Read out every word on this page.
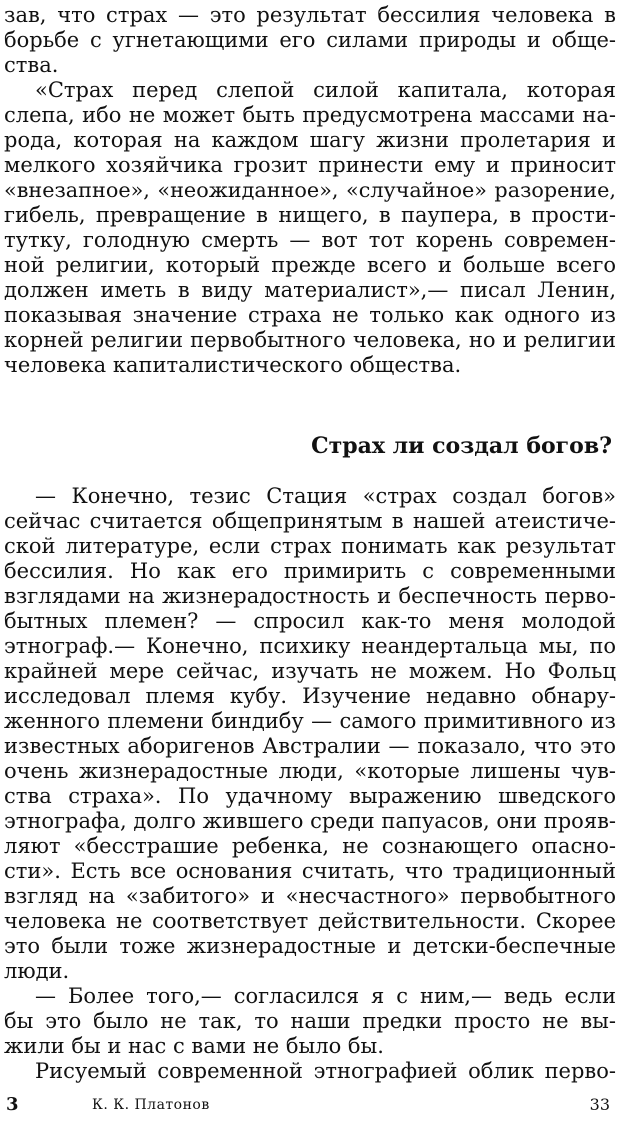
зав, что страх — это результат бессилия человека в
борьбе с угнетающими его силами природы и обще-
ства.
«Страх перед слепой силой капитала, которая
слепа, ибо не может быть предусмотрена массами на-
рода, которая на каждом шагу жизни пролетария и
мелкого хозяйчика грозит принести ему и приносит
«внезапное», «неожиданное», «случайное» разорение,
гибель, превращение в нищего, в паупера, в прости-
тутку, голодную смерть — вот тот корень современ-
ной религии, который прежде всего и больше всего
должен иметь в виду материалист»,— писал Ленин,
показывая значение страха не только как одного из
корней религии первобытного человека, но и религии
человека капиталистического общества.
Страх ли создал богов?
— Конечно, тезис Стация «страх создал богов»
сейчас считается общепринятым в нашей атеистиче-
ской литературе, если страх понимать как результат
бессилия. Но как его примирить с современными
взглядами на жизнерадостность и беспечность перво-
бытных племен? — спросил как-то меня молодой
этнограф.— Конечно, психику неандертальца мы, по
крайней мере сейчас, изучать не можем. Но Фольц
исследовал племя кубу. Изучение недавно обнару-
женного племени биндибу — самого примитивного из
известных аборигенов Австралии — показало, что это
очень жизнерадостные люди, «которые лишены чув-
ства страха». По удачному выражению шведского
этнографа, долго жившего среди папуасов, они прояв-
ляют «бесстрашие ребенка, не сознающего опасно-
сти». Есть все основания считать, что традиционный
взгляд на «забитого» и «несчастного» первобытного
человека не соответствует действительности. Скорее
это были тоже жизнерадостные и детски-беспечные
люди.
— Более того,— согласился я с ним,— ведь если
бы это было не так, то наши предки просто не вы-
жили бы и нас с вами не было бы.
Рисуемый современной этнографией облик перво-
3	К. К. Платонов	33
